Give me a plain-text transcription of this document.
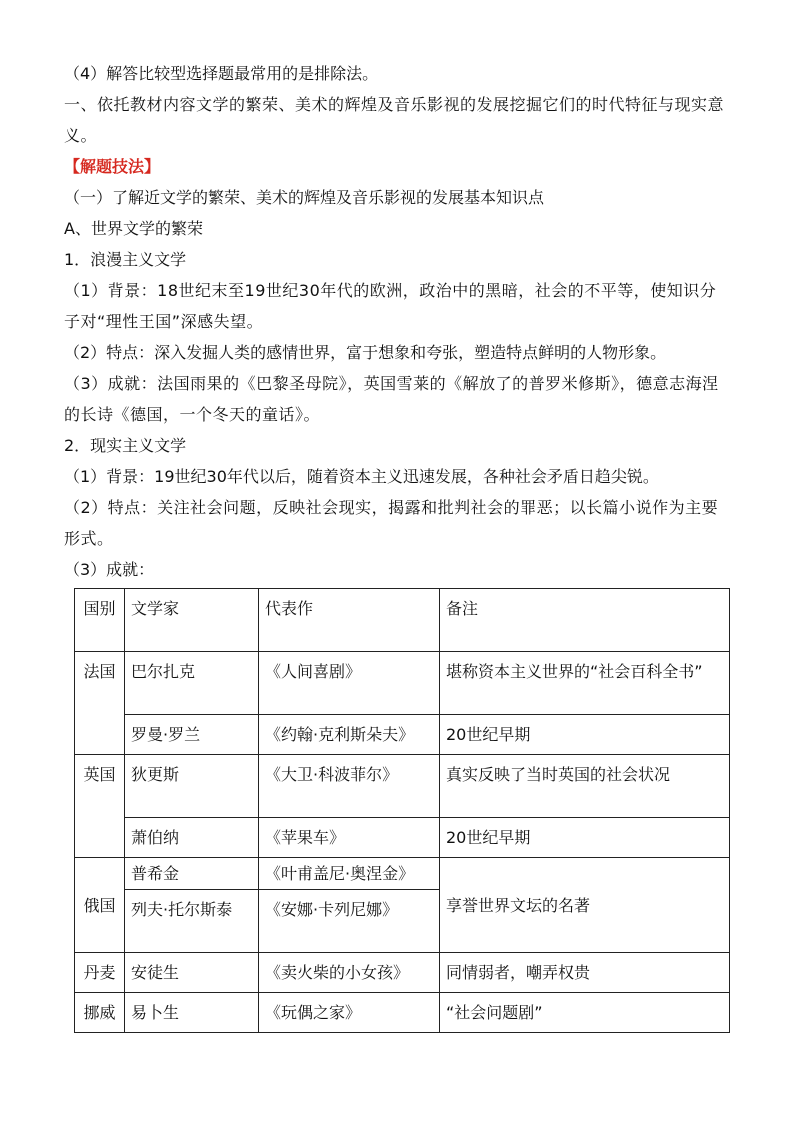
（4）解答比较型选择题最常用的是排除法。

一、依托教材内容文学的繁荣、美术的辉煌及音乐影视的发展挖掘它们的时代特征与现实意义。

【解题技法】

（一）了解近文学的繁荣、美术的辉煌及音乐影视的发展基本知识点

A、世界文学的繁荣

1．浪漫主义文学

（1）背景：18世纪末至19世纪30年代的欧洲，政治中的黑暗，社会的不平等，使知识分子对“理性王国”深感失望。

（2）特点：深入发掘人类的感情世界，富于想象和夸张，塑造特点鲜明的人物形象。

（3）成就：法国雨果的《巴黎圣母院》，英国雪莱的《解放了的普罗米修斯》，德意志海涅的长诗《德国，一个冬天的童话》。

2．现实主义文学

（1）背景：19世纪30年代以后，随着资本主义迅速发展，各种社会矛盾日趋尖锐。

（2）特点：关注社会问题，反映社会现实，揭露和批判社会的罪恶；以长篇小说作为主要形式。

（3）成就：

国别	文学家	代表作	备注
法国	巴尔扎克	《人间喜剧》	堪称资本主义世界的“社会百科全书”
	罗曼·罗兰	《约翰·克利斯朵夫》	20世纪早期
英国	狄更斯	《大卫·科波菲尔》	真实反映了当时英国的社会状况
	萧伯纳	《苹果车》	20世纪早期
俄国	普希金	《叶甫盖尼·奥涅金》	享誉世界文坛的名著
	列夫·托尔斯泰	《安娜·卡列尼娜》	
丹麦	安徒生	《卖火柴的小女孩》	同情弱者，嘲弄权贵
挪威	易卜生	《玩偶之家》	“社会问题剧”
